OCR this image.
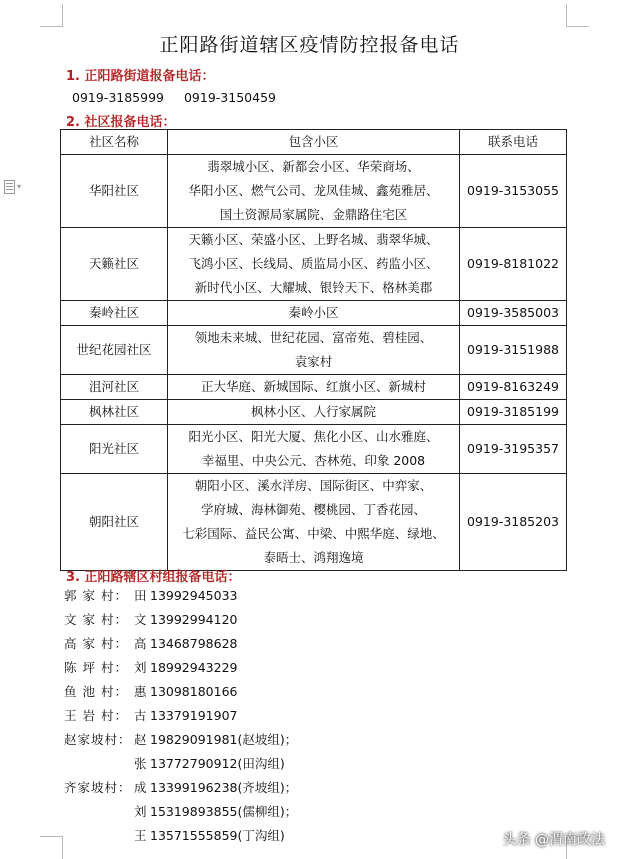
▾
正阳路街道辖区疫情防控报备电话
1. 正阳路街道报备电话：
0919-3185999 0919-3150459
2. 社区报备电话：
社区名称	包含小区	联系电话
华阳社区	翡翠城小区、新都会小区、华荣商场、
华阳小区、燃气公司、龙凤佳城、鑫苑雅居、
国土资源局家属院、金鼎路住宅区	0919-3153055
天籁社区	天籁小区、荣盛小区、上野名城、翡翠华城、
飞鸿小区、长线局、质监局小区、药监小区、
新时代小区、大耀城、银铃天下、格林美郡	0919-8181022
秦岭社区	秦岭小区	0919-3585003
世纪花园社区	领地未来城、世纪花园、富帝苑、碧桂园、
袁家村	0919-3151988
沮河社区	正大华庭、新城国际、红旗小区、新城村	0919-8163249
枫林社区	枫林小区、人行家属院	0919-3185199
阳光社区	阳光小区、阳光大厦、焦化小区、山水雅庭、
幸福里、中央公元、杏林苑、印象 2008	0919-3195357
朝阳社区	朝阳小区、溪水洋房、国际街区、中弈家、
学府城、海林御苑、樱桃园、丁香花园、
七彩国际、益民公寓、中梁、中熙华庭、绿地、
泰晤士、鸿翔逸境	0919-3185203
3. 正阳路辖区村组报备电话：
郭 家 村： 田 13992945033
文 家 村： 文 13992994120
高 家 村： 高 13468798628
陈 坪 村： 刘 18992943229
鱼 池 村： 惠 13098180166
王 岩 村： 古 13379191907
赵家坡村： 赵 19829091981(赵坡组)；
张 13772790912(田沟组)
齐家坡村： 成 13399196238(齐坡组)；
刘 15319893855(儒柳组)；
王 13571555859(丁沟组)	头条 @渭南政法
